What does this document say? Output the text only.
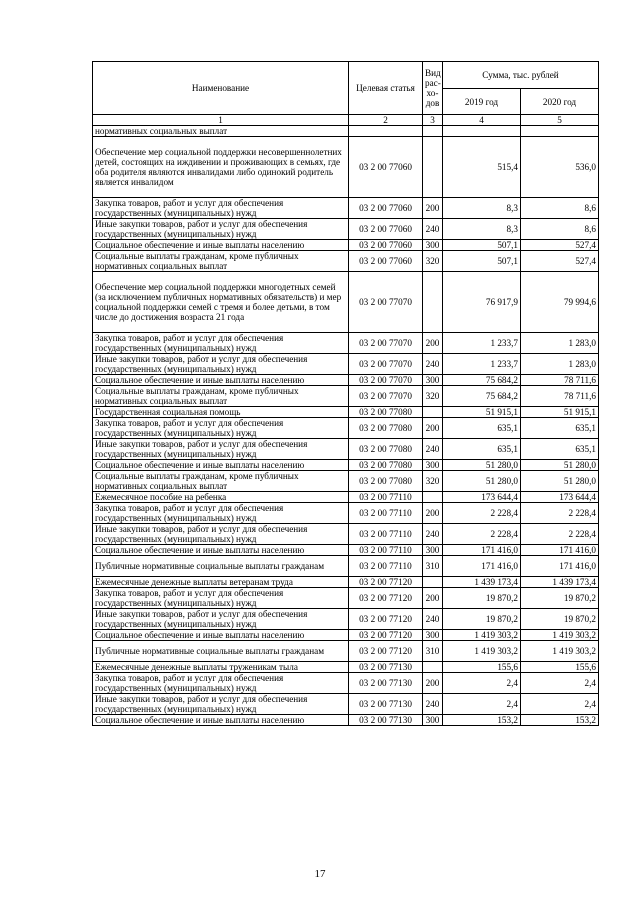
Наименование	Целевая статья	Вид
рас-
хо-
дов	Сумма, тыс. рублей	
			2019 год	2020 год
1	2	3	4	5
нормативных социальных выплат				
Обеспечение мер социальной поддержки несовершеннолетних детей, состоящих на иждивении и проживающих в семьях, где оба родителя являются инвалидами либо одинокий родитель является инвалидом	03 2 00 77060		515,4	536,0
Закупка товаров, работ и услуг для обеспечения государственных (муниципальных) нужд	03 2 00 77060	200	8,3	8,6
Иные закупки товаров, работ и услуг для обеспечения государственных (муниципальных) нужд	03 2 00 77060	240	8,3	8,6
Социальное обеспечение и иные выплаты населению	03 2 00 77060	300	507,1	527,4
Социальные выплаты гражданам, кроме публичных нормативных социальных выплат	03 2 00 77060	320	507,1	527,4
Обеспечение мер социальной поддержки многодетных семей (за исключением публичных нормативных обязательств) и мер социальной поддержки семей с тремя и более детьми, в том числе до достижения возраста 21 года	03 2 00 77070		76 917,9	79 994,6
Закупка товаров, работ и услуг для обеспечения государственных (муниципальных) нужд	03 2 00 77070	200	1 233,7	1 283,0
Иные закупки товаров, работ и услуг для обеспечения государственных (муниципальных) нужд	03 2 00 77070	240	1 233,7	1 283,0
Социальное обеспечение и иные выплаты населению	03 2 00 77070	300	75 684,2	78 711,6
Социальные выплаты гражданам, кроме публичных нормативных социальных выплат	03 2 00 77070	320	75 684,2	78 711,6
Государственная социальная помощь	03 2 00 77080		51 915,1	51 915,1
Закупка товаров, работ и услуг для обеспечения государственных (муниципальных) нужд	03 2 00 77080	200	635,1	635,1
Иные закупки товаров, работ и услуг для обеспечения государственных (муниципальных) нужд	03 2 00 77080	240	635,1	635,1
Социальное обеспечение и иные выплаты населению	03 2 00 77080	300	51 280,0	51 280,0
Социальные выплаты гражданам, кроме публичных нормативных социальных выплат	03 2 00 77080	320	51 280,0	51 280,0
Ежемесячное пособие на ребенка	03 2 00 77110		173 644,4	173 644,4
Закупка товаров, работ и услуг для обеспечения государственных (муниципальных) нужд	03 2 00 77110	200	2 228,4	2 228,4
Иные закупки товаров, работ и услуг для обеспечения государственных (муниципальных) нужд	03 2 00 77110	240	2 228,4	2 228,4
Социальное обеспечение и иные выплаты населению	03 2 00 77110	300	171 416,0	171 416,0
Публичные нормативные социальные выплаты гражданам	03 2 00 77110	310	171 416,0	171 416,0
Ежемесячные денежные выплаты ветеранам труда	03 2 00 77120		1 439 173,4	1 439 173,4
Закупка товаров, работ и услуг для обеспечения государственных (муниципальных) нужд	03 2 00 77120	200	19 870,2	19 870,2
Иные закупки товаров, работ и услуг для обеспечения государственных (муниципальных) нужд	03 2 00 77120	240	19 870,2	19 870,2
Социальное обеспечение и иные выплаты населению	03 2 00 77120	300	1 419 303,2	1 419 303,2
Публичные нормативные социальные выплаты гражданам	03 2 00 77120	310	1 419 303,2	1 419 303,2
Ежемесячные денежные выплаты труженикам тыла	03 2 00 77130		155,6	155,6
Закупка товаров, работ и услуг для обеспечения государственных (муниципальных) нужд	03 2 00 77130	200	2,4	2,4
Иные закупки товаров, работ и услуг для обеспечения государственных (муниципальных) нужд	03 2 00 77130	240	2,4	2,4
Социальное обеспечение и иные выплаты населению	03 2 00 77130	300	153,2	153,2
17
